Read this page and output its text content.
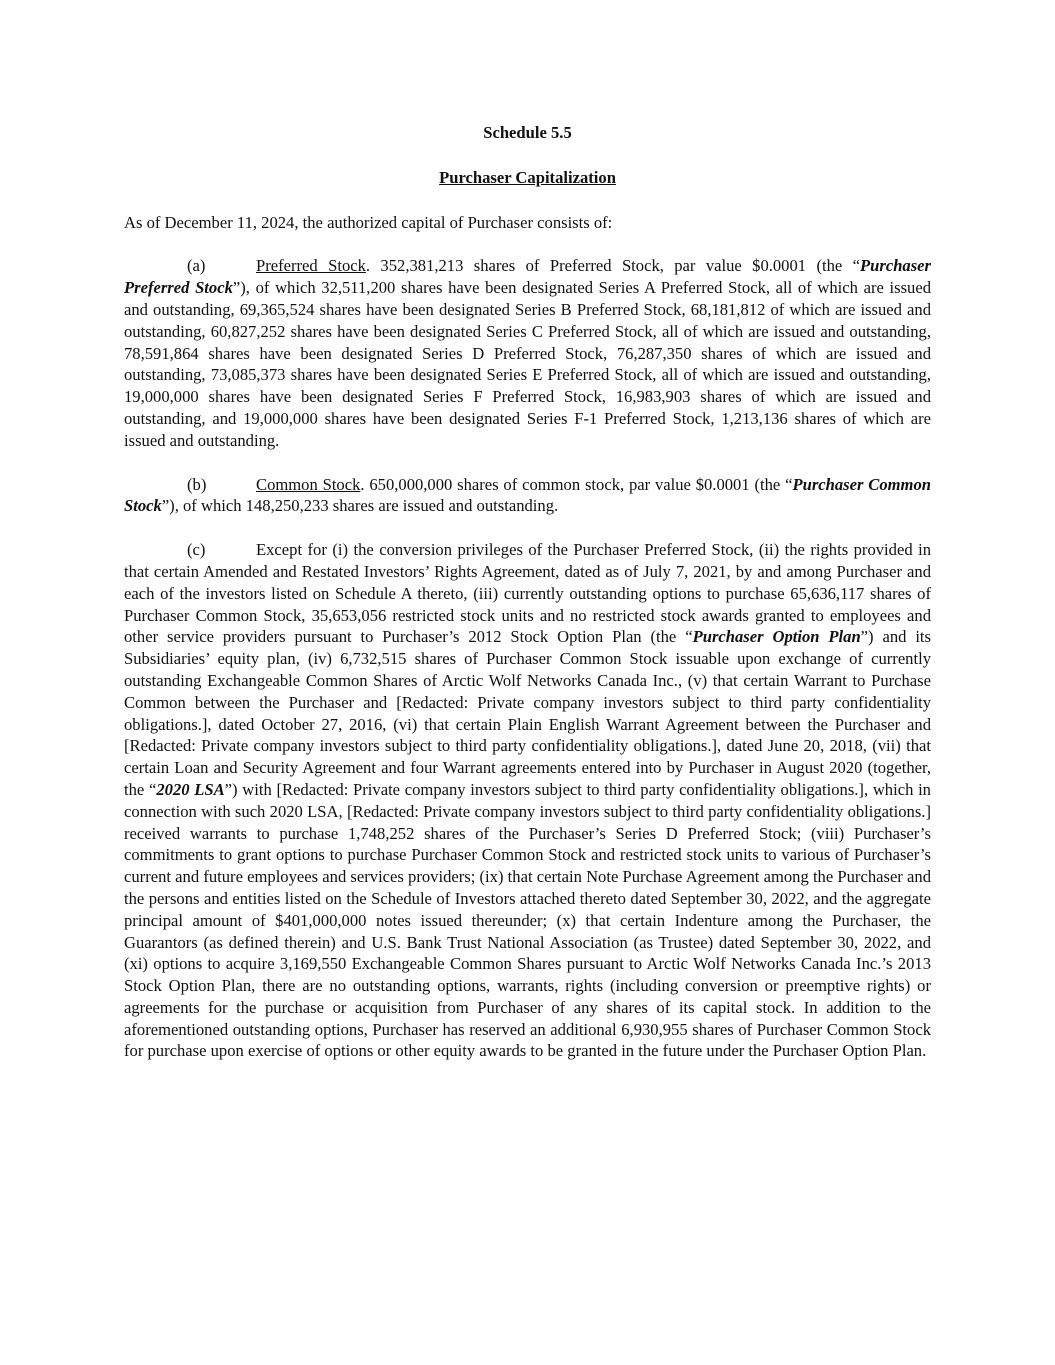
Schedule 5.5

Purchaser Capitalization

As of December 11, 2024, the authorized capital of Purchaser consists of:

(a)	Preferred Stock. 352,381,213 shares of Preferred Stock, par value $0.0001 (the “Purchaser Preferred Stock”), of which 32,511,200 shares have been designated Series A Preferred Stock, all of which are issued and outstanding, 69,365,524 shares have been designated Series B Preferred Stock, 68,181,812 of which are issued and outstanding, 60,827,252 shares have been designated Series C Preferred Stock, all of which are issued and outstanding, 78,591,864 shares have been designated Series D Preferred Stock, 76,287,350 shares of which are issued and outstanding, 73,085,373 shares have been designated Series E Preferred Stock, all of which are issued and outstanding, 19,000,000 shares have been designated Series F Preferred Stock, 16,983,903 shares of which are issued and outstanding, and 19,000,000 shares have been designated Series F-1 Preferred Stock, 1,213,136 shares of which are issued and outstanding.

(b)	Common Stock. 650,000,000 shares of common stock, par value $0.0001 (the “Purchaser Common Stock”), of which 148,250,233 shares are issued and outstanding.

(c)	Except for (i) the conversion privileges of the Purchaser Preferred Stock, (ii) the rights provided in that certain Amended and Restated Investors’ Rights Agreement, dated as of July 7, 2021, by and among Purchaser and each of the investors listed on Schedule A thereto, (iii) currently outstanding options to purchase 65,636,117 shares of Purchaser Common Stock, 35,653,056 restricted stock units and no restricted stock awards granted to employees and other service providers pursuant to Purchaser’s 2012 Stock Option Plan (the “Purchaser Option Plan”) and its Subsidiaries’ equity plan, (iv) 6,732,515 shares of Purchaser Common Stock issuable upon exchange of currently outstanding Exchangeable Common Shares of Arctic Wolf Networks Canada Inc., (v) that certain Warrant to Purchase Common between the Purchaser and [Redacted: Private company investors subject to third party confidentiality obligations.], dated October 27, 2016, (vi) that certain Plain English Warrant Agreement between the Purchaser and [Redacted: Private company investors subject to third party confidentiality obligations.], dated June 20, 2018, (vii) that certain Loan and Security Agreement and four Warrant agreements entered into by Purchaser in August 2020 (together, the “2020 LSA”) with [Redacted: Private company investors subject to third party confidentiality obligations.], which in connection with such 2020 LSA, [Redacted: Private company investors subject to third party confidentiality obligations.] received warrants to purchase 1,748,252 shares of the Purchaser’s Series D Preferred Stock; (viii) Purchaser’s commitments to grant options to purchase Purchaser Common Stock and restricted stock units to various of Purchaser’s current and future employees and services providers; (ix) that certain Note Purchase Agreement among the Purchaser and the persons and entities listed on the Schedule of Investors attached thereto dated September 30, 2022, and the aggregate principal amount of $401,000,000 notes issued thereunder; (x) that certain Indenture among the Purchaser, the Guarantors (as defined therein) and U.S. Bank Trust National Association (as Trustee) dated September 30, 2022, and (xi) options to acquire 3,169,550 Exchangeable Common Shares pursuant to Arctic Wolf Networks Canada Inc.’s 2013 Stock Option Plan, there are no outstanding options, warrants, rights (including conversion or preemptive rights) or agreements for the purchase or acquisition from Purchaser of any shares of its capital stock. In addition to the aforementioned outstanding options, Purchaser has reserved an additional 6,930,955 shares of Purchaser Common Stock for purchase upon exercise of options or other equity awards to be granted in the future under the Purchaser Option Plan.
